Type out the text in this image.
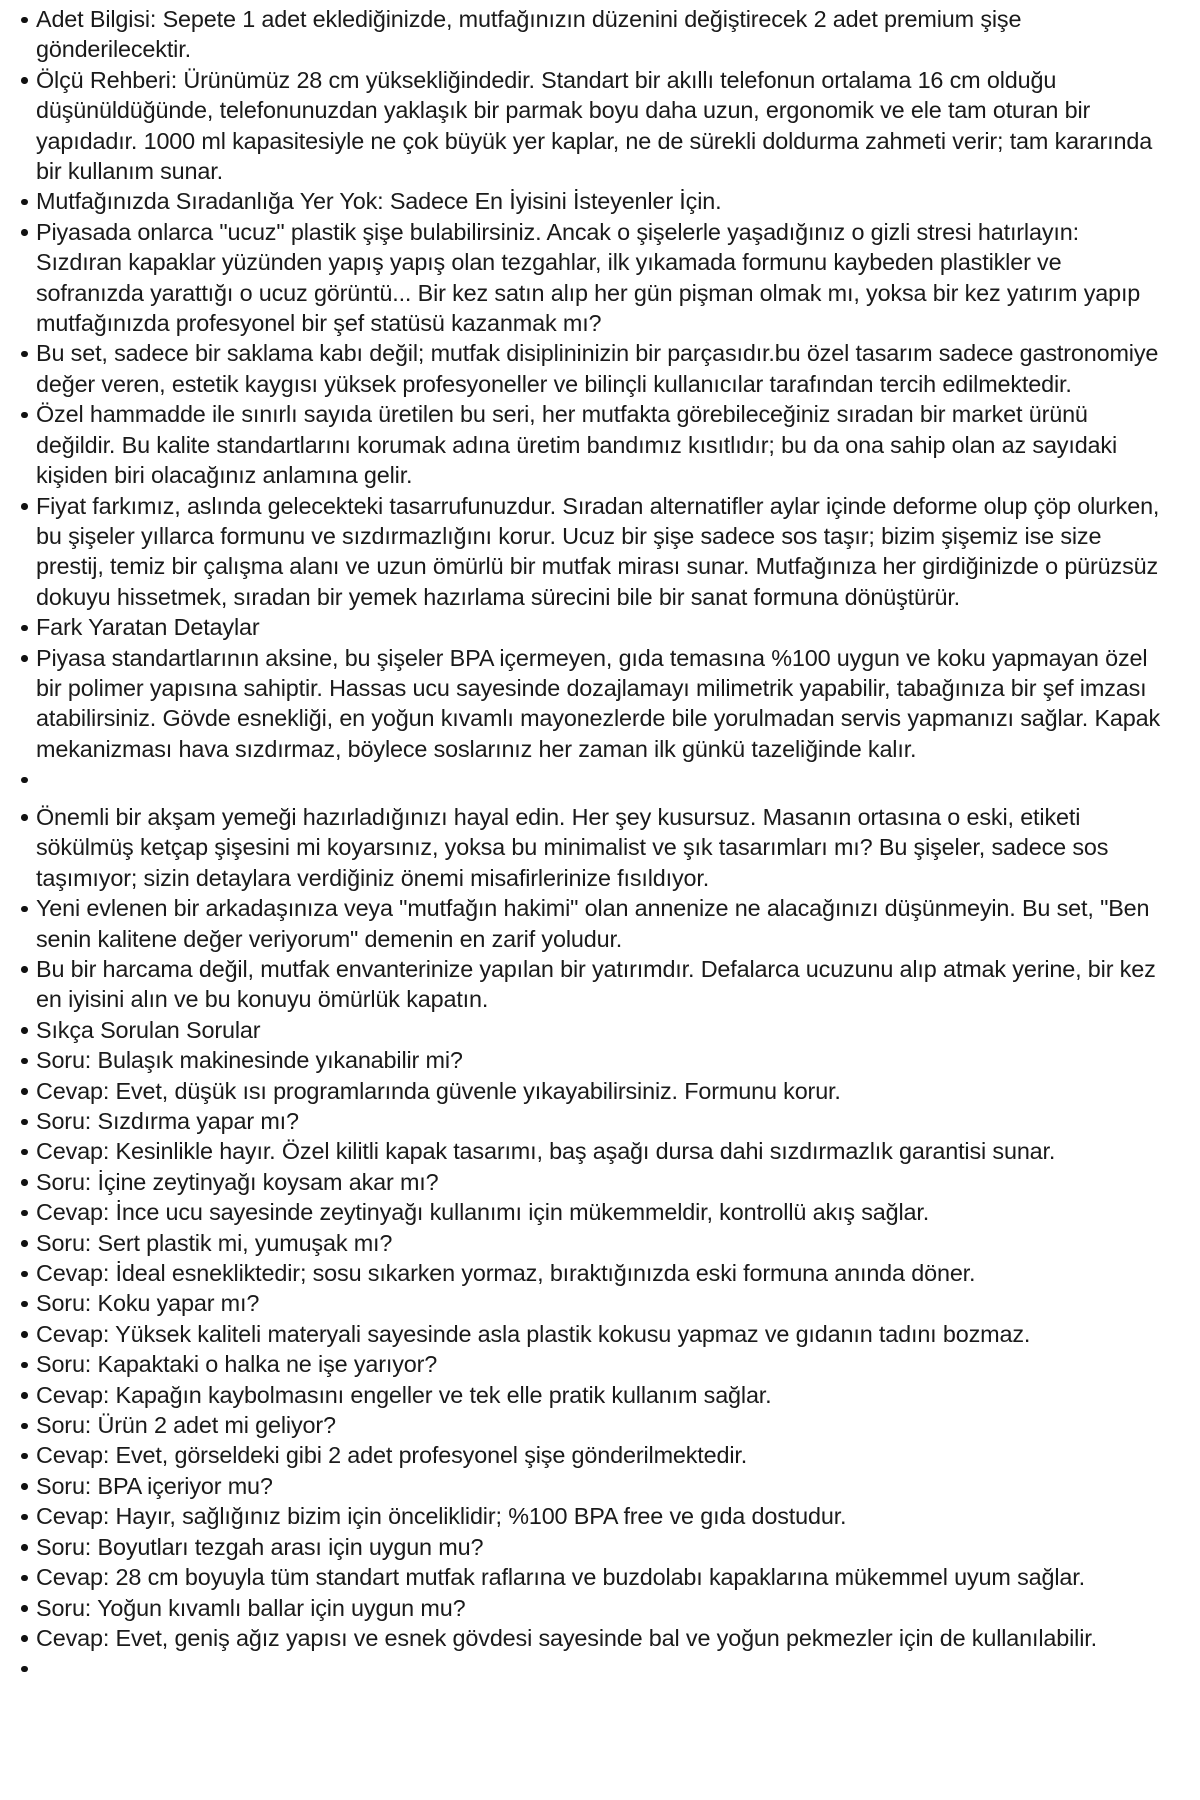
Adet Bilgisi: Sepete 1 adet eklediğinizde, mutfağınızın düzenini değiştirecek 2 adet premium şişe gönderilecektir.
Ölçü Rehberi: Ürünümüz 28 cm yüksekliğindedir. Standart bir akıllı telefonun ortalama 16 cm olduğu düşünüldüğünde, telefonunuzdan yaklaşık bir parmak boyu daha uzun, ergonomik ve ele tam oturan bir yapıdadır. 1000 ml kapasitesiyle ne çok büyük yer kaplar, ne de sürekli doldurma zahmeti verir; tam kararında bir kullanım sunar.
Mutfağınızda Sıradanlığa Yer Yok: Sadece En İyisini İsteyenler İçin.
Piyasada onlarca "ucuz" plastik şişe bulabilirsiniz. Ancak o şişelerle yaşadığınız o gizli stresi hatırlayın: Sızdıran kapaklar yüzünden yapış yapış olan tezgahlar, ilk yıkamada formunu kaybeden plastikler ve sofranızda yarattığı o ucuz görüntü... Bir kez satın alıp her gün pişman olmak mı, yoksa bir kez yatırım yapıp mutfağınızda profesyonel bir şef statüsü kazanmak mı?
Bu set, sadece bir saklama kabı değil; mutfak disiplininizin bir parçasıdır.bu özel tasarım sadece gastronomiye değer veren, estetik kaygısı yüksek profesyoneller ve bilinçli kullanıcılar tarafından tercih edilmektedir.
Özel hammadde ile sınırlı sayıda üretilen bu seri, her mutfakta görebileceğiniz sıradan bir market ürünü değildir. Bu kalite standartlarını korumak adına üretim bandımız kısıtlıdır; bu da ona sahip olan az sayıdaki kişiden biri olacağınız anlamına gelir.
Fiyat farkımız, aslında gelecekteki tasarrufunuzdur. Sıradan alternatifler aylar içinde deforme olup çöp olurken, bu şişeler yıllarca formunu ve sızdırmazlığını korur. Ucuz bir şişe sadece sos taşır; bizim şişemiz ise size prestij, temiz bir çalışma alanı ve uzun ömürlü bir mutfak mirası sunar. Mutfağınıza her girdiğinizde o pürüzsüz dokuyu hissetmek, sıradan bir yemek hazırlama sürecini bile bir sanat formuna dönüştürür.
Fark Yaratan Detaylar
Piyasa standartlarının aksine, bu şişeler BPA içermeyen, gıda temasına %100 uygun ve koku yapmayan özel bir polimer yapısına sahiptir. Hassas ucu sayesinde dozajlamayı milimetrik yapabilir, tabağınıza bir şef imzası atabilirsiniz. Gövde esnekliği, en yoğun kıvamlı mayonezlerde bile yorulmadan servis yapmanızı sağlar. Kapak mekanizması hava sızdırmaz, böylece soslarınız her zaman ilk günkü tazeliğinde kalır.
Önemli bir akşam yemeği hazırladığınızı hayal edin. Her şey kusursuz. Masanın ortasına o eski, etiketi sökülmüş ketçap şişesini mi koyarsınız, yoksa bu minimalist ve şık tasarımları mı? Bu şişeler, sadece sos taşımıyor; sizin detaylara verdiğiniz önemi misafirlerinize fısıldıyor.
Yeni evlenen bir arkadaşınıza veya "mutfağın hakimi" olan annenize ne alacağınızı düşünmeyin. Bu set, "Ben senin kalitene değer veriyorum" demenin en zarif yoludur.
Bu bir harcama değil, mutfak envanterinize yapılan bir yatırımdır. Defalarca ucuzunu alıp atmak yerine, bir kez en iyisini alın ve bu konuyu ömürlük kapatın.
Sıkça Sorulan Sorular
Soru: Bulaşık makinesinde yıkanabilir mi?
Cevap: Evet, düşük ısı programlarında güvenle yıkayabilirsiniz. Formunu korur.
Soru: Sızdırma yapar mı?
Cevap: Kesinlikle hayır. Özel kilitli kapak tasarımı, baş aşağı dursa dahi sızdırmazlık garantisi sunar.
Soru: İçine zeytinyağı koysam akar mı?
Cevap: İnce ucu sayesinde zeytinyağı kullanımı için mükemmeldir, kontrollü akış sağlar.
Soru: Sert plastik mi, yumuşak mı?
Cevap: İdeal esnekliktedir; sosu sıkarken yormaz, bıraktığınızda eski formuna anında döner.
Soru: Koku yapar mı?
Cevap: Yüksek kaliteli materyali sayesinde asla plastik kokusu yapmaz ve gıdanın tadını bozmaz.
Soru: Kapaktaki o halka ne işe yarıyor?
Cevap: Kapağın kaybolmasını engeller ve tek elle pratik kullanım sağlar.
Soru: Ürün 2 adet mi geliyor?
Cevap: Evet, görseldeki gibi 2 adet profesyonel şişe gönderilmektedir.
Soru: BPA içeriyor mu?
Cevap: Hayır, sağlığınız bizim için önceliklidir; %100 BPA free ve gıda dostudur.
Soru: Boyutları tezgah arası için uygun mu?
Cevap: 28 cm boyuyla tüm standart mutfak raflarına ve buzdolabı kapaklarına mükemmel uyum sağlar.
Soru: Yoğun kıvamlı ballar için uygun mu?
Cevap: Evet, geniş ağız yapısı ve esnek gövdesi sayesinde bal ve yoğun pekmezler için de kullanılabilir.
